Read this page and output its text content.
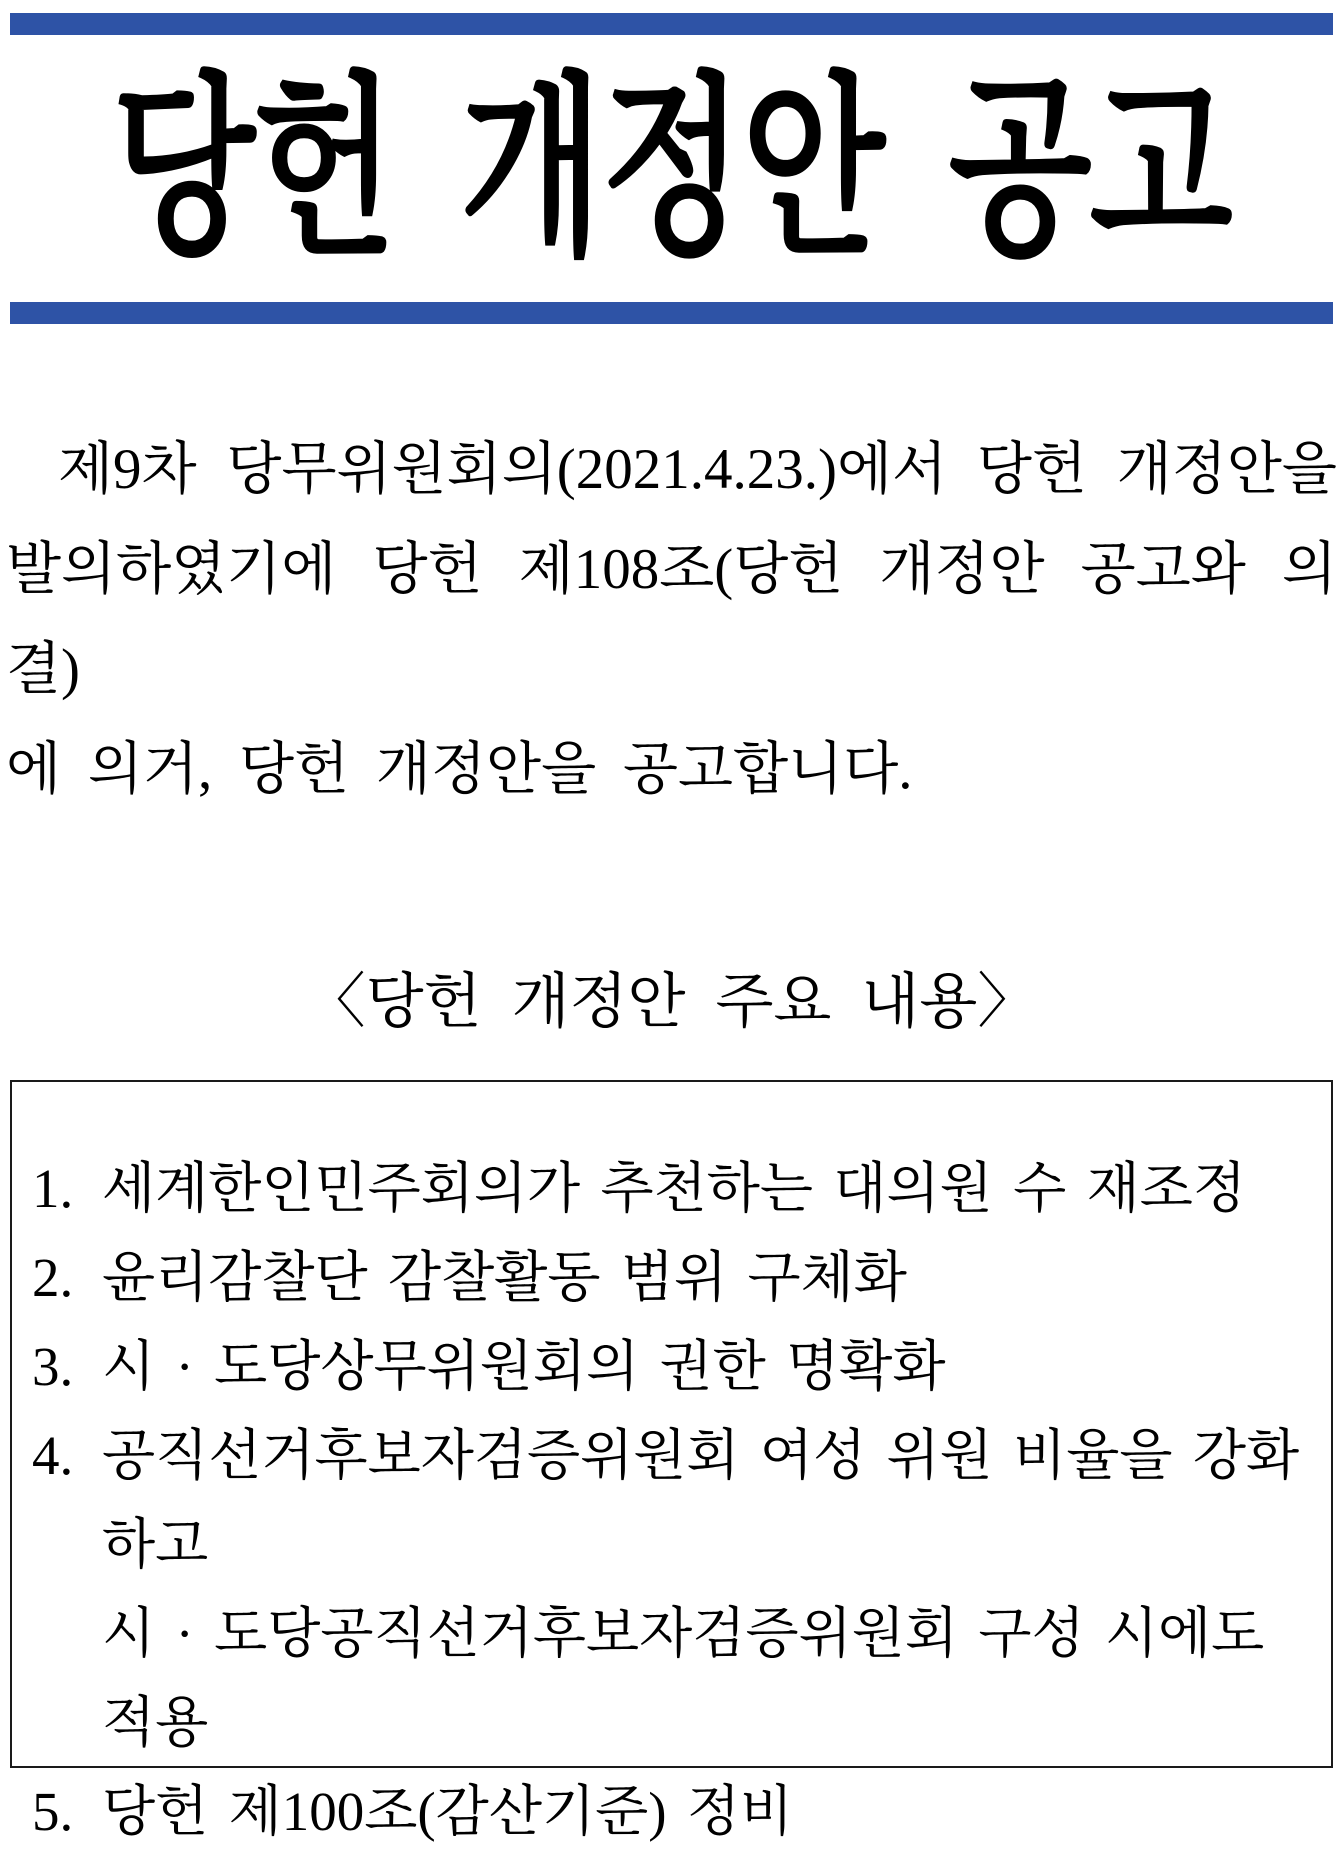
당헌 개정안 공고
제9차 당무위원회의(2021.4.23.)에서 당헌 개정안을
발의하였기에 당헌 제108조(당헌 개정안 공고와 의결)
에 의거, 당헌 개정안을 공고합니다.
〈당헌 개정안 주요 내용〉
1. 세계한인민주회의가 추천하는 대의원 수 재조정
2. 윤리감찰단 감찰활동 범위 구체화
3. 시 · 도당상무위원회의 권한 명확화
4. 공직선거후보자검증위원회 여성 위원 비율을 강화하고
시 · 도당공직선거후보자검증위원회 구성 시에도 적용
5. 당헌 제100조(감산기준) 정비
